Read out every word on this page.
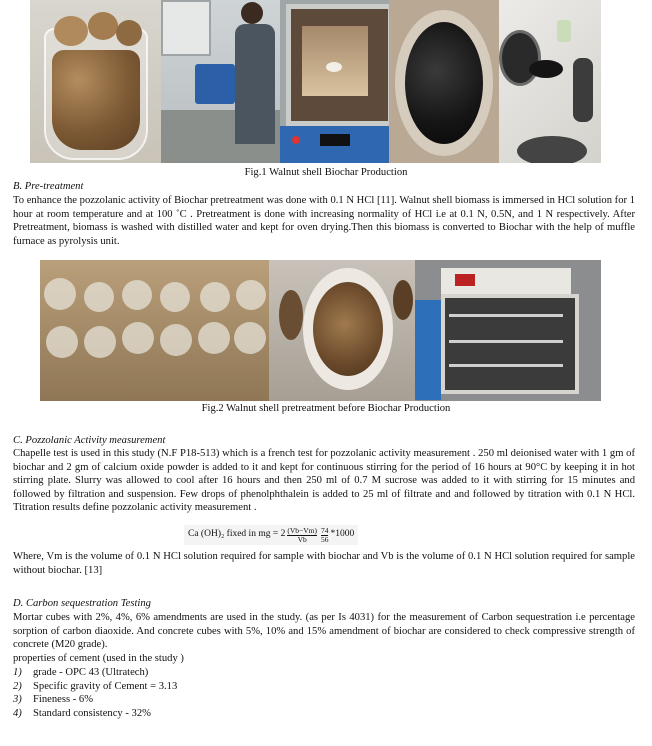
Fig.1 Walnut shell Biochar Production
B. Pre-treatment
To enhance the pozzolanic activity of Biochar pretreatment was done with 0.1 N HCl [11]. Walnut shell biomass is immersed in HCl solution for 1 hour at room temperature and at 100 ˚C . Pretreatment is done with increasing normality of HCl i.e at 0.1 N, 0.5N, and 1 N respectively. After Pretreatment, biomass is washed with distilled water and kept for oven drying.Then this biomass is converted to Biochar with the help of muffle furnace as pyrolysis unit.
Fig.2 Walnut shell pretreatment before Biochar Production
C. Pozzolanic Activity measurement
Chapelle test is used in this study (N.F P18-513) which is a french test for pozzolanic activity measurement . 250 ml deionised water with 1 gm of biochar and 2 gm of calcium oxide powder is added to it and kept for continuous stirring for the period of 16 hours at 90°C by keeping it in hot stirring plate. Slurry was allowed to cool after 16 hours and then 250 ml of 0.7 M sucrose was added to it with stirring for 15 minutes and followed by filtration and suspension. Few drops of phenolphthalein is added to 25 ml of filtrate and and followed by titration with 0.1 N HCl. Titration results define pozzolanic activity measurement .
Ca (OH)₂ fixed in mg = $2 \frac{(Vb-Vm)}{Vb} \frac{74}{56} *1000$
Where, Vm is the volume of 0.1 N HCl solution required for sample with biochar and Vb is the volume of 0.1 N HCl solution required for sample without biochar. [13]
D. Carbon sequestration Testing
Mortar cubes with 2%, 4%, 6% amendments are used in the study. (as per Is 4031) for the measurement of Carbon sequestration i.e percentage sorption of carbon diaoxide. And concrete cubes with 5%, 10% and 15% amendment of biochar are considered to check compressive strength of concrete (M20 grade).
properties of cement (used in the study )
1)	grade - OPC 43 (Ultratech)
2)	Specific gravity of Cement = 3.13
3)	Fineness - 6%
4)	Standard consistency - 32%
